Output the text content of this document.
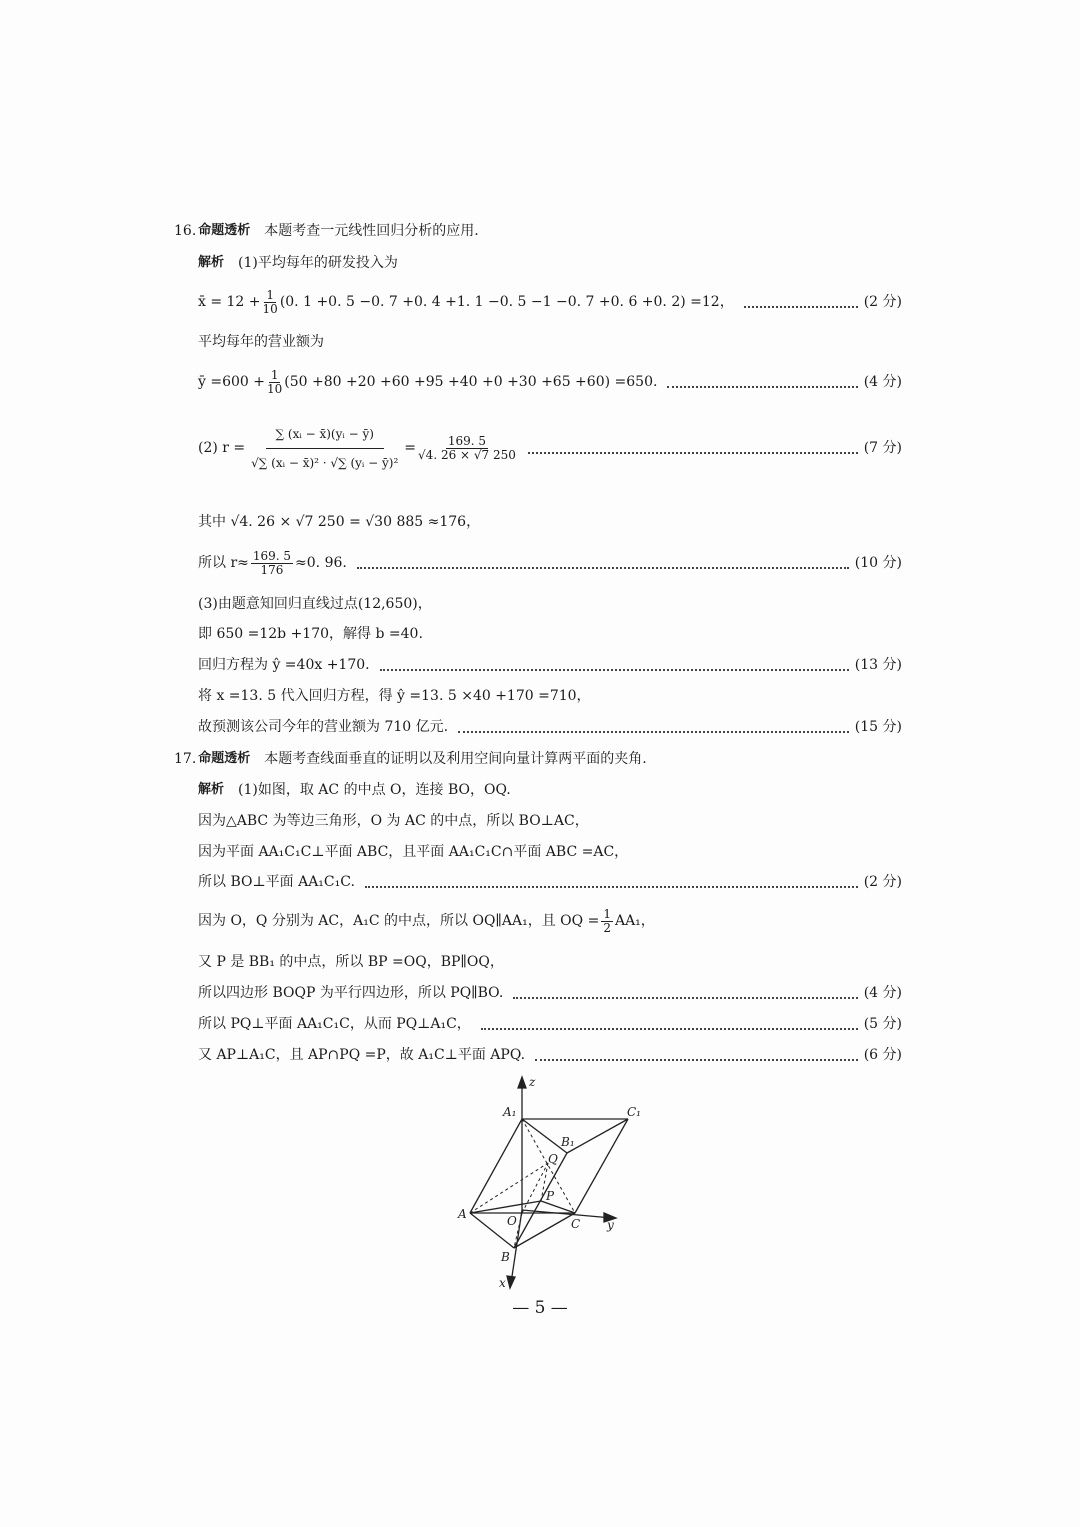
16. 命题透析 本题考查一元线性回归分析的应用.
解析 (1)平均每年的研发投入为
x̄ = $12 + \frac{1}{10} (0$. 1 +0. 5 −0. 7 +0. 4 +1. 1 −0. 5 −1 −0. 7 +0. 6 +0. 2) =12，	(2 分)
平均每年的营业额为
ȳ $=600 + \frac{1}{10} (50 +80 +20 +60 +95 +40 +0 +30 +65 +60) =650$.	(4 分)
(2) $r = \frac{\text{∑ (xᵢ − x̄)(yᵢ − ȳ)}}{\text{√∑ (xᵢ − x̄)² · √∑ (yᵢ − ȳ)²}} = \frac{169. 5}{√4. 26 \times √7 250}$	(7 分)
其中 √4. 26 × √7 250 = √30 885 ≈176，
所以 $r\approx \frac{169. 5}{176} \approx 0$. 96.	(10 分)
(3)由题意知回归直线过点(12,650)，
即 650 =12b +170，解得 b =40.
回归方程为 ŷ =40x +170.	(13 分)
将 x =13. 5 代入回归方程，得 ŷ =13. 5 ×40 +170 =710，
故预测该公司今年的营业额为 710 亿元.	(15 分)
17. 命题透析 本题考查线面垂直的证明以及利用空间向量计算两平面的夹角.
解析 (1)如图，取 AC 的中点 O，连接 BO，OQ.
因为△ABC 为等边三角形，O 为 AC 的中点，所以 BO⊥AC，
因为平面 AA₁C₁C⊥平面 ABC，且平面 AA₁C₁C∩平面 ABC =AC，
所以 BO⊥平面 AA₁C₁C.	(2 分)
因为 O，Q 分别为 AC，A₁C 的中点，所以 OQ∥AA₁，且 OQ = $\frac{1}{2} AA_1$，
又 P 是 BB₁ 的中点，所以 BP =OQ，BP∥OQ，
所以四边形 BOQP 为平行四边形，所以 PQ∥BO.	(4 分)
所以 PQ⊥平面 AA₁C₁C，从而 PQ⊥A₁C，	(5 分)
又 AP⊥A₁C，且 AP∩PQ =P，故 A₁C⊥平面 APQ.	(6 分)
z
A₁	C₁
B₁
Q
P
A	O	C y
B
x
— 5 —
